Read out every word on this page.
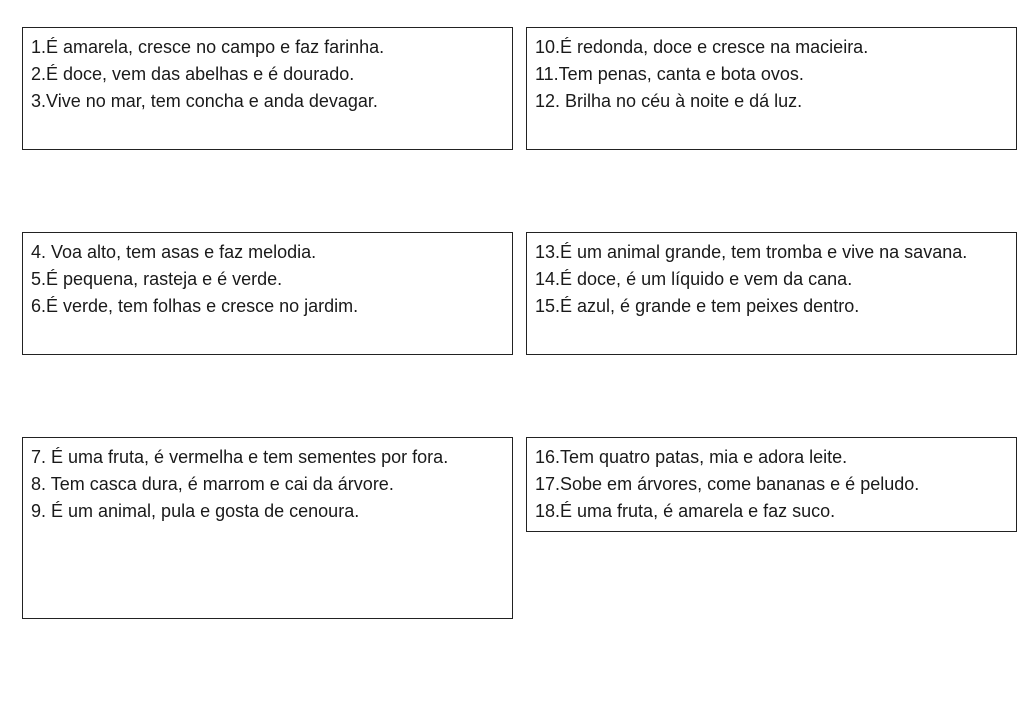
1.É amarela, cresce no campo e faz farinha.
2.É doce, vem das abelhas e é dourado.
3.Vive no mar, tem concha e anda devagar.
10.É redonda, doce e cresce na macieira.
11.Tem penas, canta e bota ovos.
12. Brilha no céu à noite e dá luz.
4. Voa alto, tem asas e faz melodia.
5.É pequena, rasteja e é verde.
6.É verde, tem folhas e cresce no jardim.
13.É um animal grande, tem tromba e vive na savana.
14.É doce, é um líquido e vem da cana.
15.É azul, é grande e tem peixes dentro.
7. É uma fruta, é vermelha e tem sementes por fora.
8. Tem casca dura, é marrom e cai da árvore.
9. É um animal, pula e gosta de cenoura.
16.Tem quatro patas, mia e adora leite.
17.Sobe em árvores, come bananas e é peludo.
18.É uma fruta, é amarela e faz suco.
